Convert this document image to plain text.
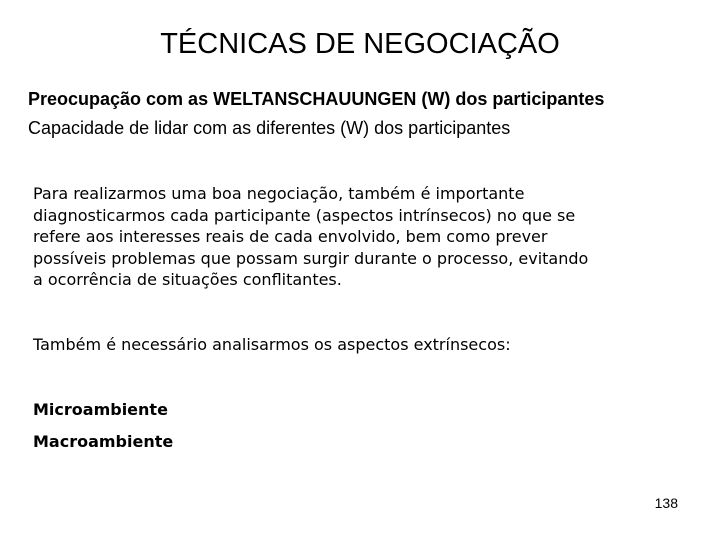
TÉCNICAS DE NEGOCIAÇÃO
Preocupação com as WELTANSCHAUUNGEN (W) dos participantes
Capacidade de lidar com as diferentes (W) dos participantes

Para realizarmos uma boa negociação, também é importante
diagnosticarmos cada participante (aspectos intrínsecos) no que se
refere aos interesses reais de cada envolvido, bem como prever
possíveis problemas que possam surgir durante o processo, evitando
a ocorrência de situações conflitantes.

Também é necessário analisarmos os aspectos extrínsecos:
Microambiente
Macroambiente
138
